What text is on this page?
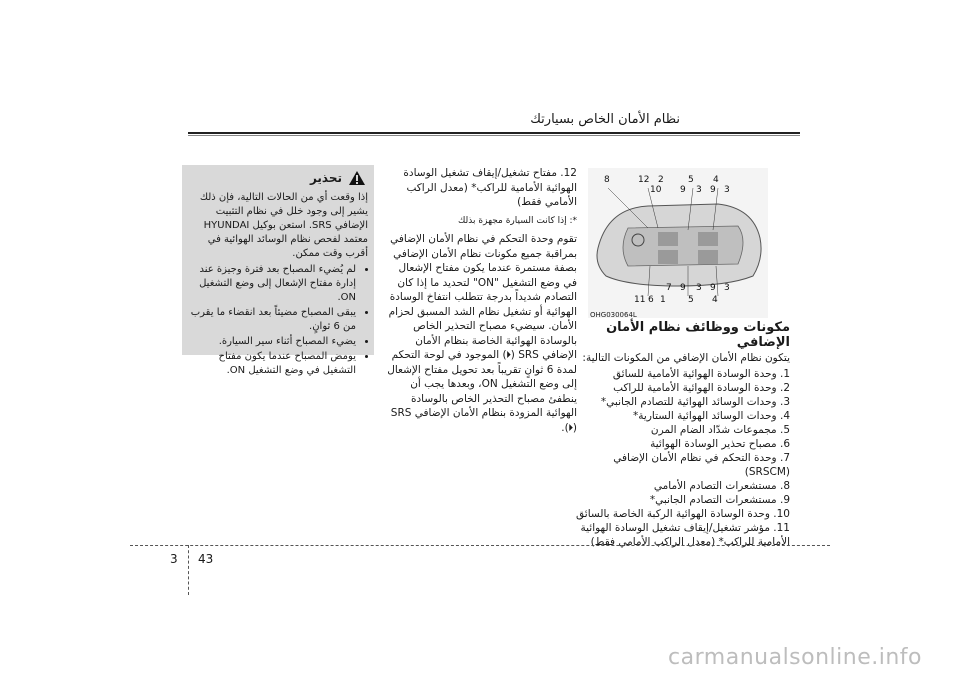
نظام الأمان الخاص بسيارتك
8	12 2	5 4
10 9 3 9 3
7 9 3 9 3
11 6 1 5 4
OHG030064L
مكونات ووظائف نظام الأمان الإضافي
يتكون نظام الأمان الإضافي من المكونات التالية:
1. وحدة الوسادة الهوائية الأمامية للسائق
2. وحدة الوسادة الهوائية الأمامية للراكب
3. وحدات الوسائد الهوائية للتصادم الجانبي*
4. وحدات الوسائد الهوائية الستارية*
5. مجموعات شدّاد الضام المرن
6. مصباح تحذير الوسادة الهوائية
7. وحدة التحكم في نظام الأمان الإضافي
(SRSCM)
8. مستشعرات التصادم الأمامي
9. مستشعرات التصادم الجانبي*
10. وحدة الوسادة الهوائية الركبة الخاصة بالسائق
11. مؤشر تشغيل/إيقاف تشغيل الوسادة الهوائية
الأمامية للراكب* (معدل الراكب الأمامي فقط)

12. مفتاح تشغيل/إيقاف تشغيل الوسادة الهوائية الأمامية للراكب* (معدل الراكب الأمامي فقط)

*: إذا كانت السيارة مجهزة بذلك

تقوم وحدة التحكم في نظام الأمان الإضافي بمراقبة جميع مكونات نظام الأمان الإضافي بصفة مستمرة عندما يكون مفتاح الإشعال في وضع التشغيل "ON" لتحديد ما إذا كان التصادم شديداً بدرجة تتطلب انتفاخ الوسادة الهوائية أو تشغيل نظام الشد المسبق لحزام الأمان. سيضيء مصباح التحذير الخاص بالوسادة الهوائية الخاصة بنظام الأمان الإضافي SRS (🞂) الموجود في لوحة التحكم لمدة 6 ثوانٍ تقريباً بعد تحويل مفتاح الإشعال إلى وضع التشغيل ON، وبعدها يجب أن ينطفئ مصباح التحذير الخاص بالوسادة الهوائية المزودة بنظام الأمان الإضافي SRS (🞂).

تحذير

إذا وقعت أي من الحالات التالية، فإن ذلك يشير إلى وجود خلل في نظام التثبيت الإضافي SRS. استعن بوكيل HYUNDAI معتمد لفحص نظام الوسائد الهوائية في أقرب وقت ممكن.

• لم يُضيء المصباح بعد فترة وجيزة عند إدارة مفتاح الإشعال إلى وضع التشغيل ON.
• يبقى المصباح مضيئاً بعد انقضاء ما يقرب من 6 ثوانٍ.
• يضيء المصباح أثناء سير السيارة.
• يومض المصباح عندما يكون مفتاح التشغيل في وضع التشغيل ON.
3 43
carmanualsonline.info
